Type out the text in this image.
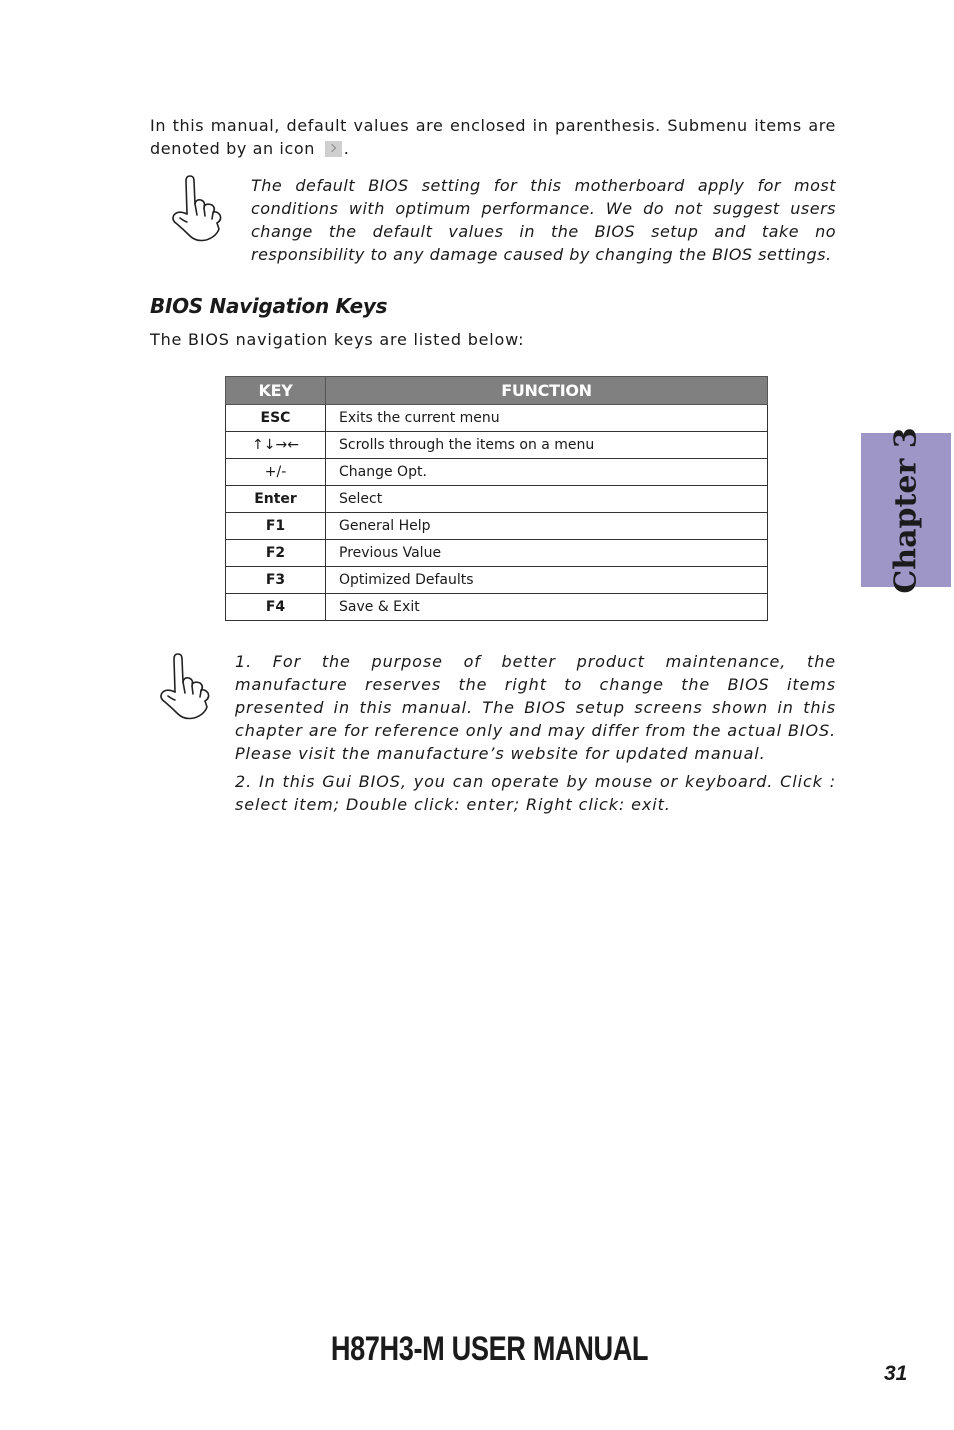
In this manual, default values are enclosed in parenthesis. Submenu items are denoted by an icon .

The default BIOS setting for this motherboard apply for most conditions with optimum performance. We do not suggest users change the default values in the BIOS setup and take no responsibility to any damage caused by changing the BIOS settings.

BIOS Navigation Keys

The BIOS navigation keys are listed below:

KEY	FUNCTION
ESC	Exits the current menu
↑↓→←	Scrolls through the items on a menu
+/-	Change Opt.
Enter	Select
F1	General Help
F2	Previous Value
F3	Optimized Defaults
F4	Save & Exit
Chapter 3

1. For the purpose of better product maintenance, the manufacture reserves the right to change the BIOS items presented in this manual. The BIOS setup screens shown in this chapter are for reference only and may differ from the actual BIOS. Please visit the manufacture’s website for updated manual.

2. In this Gui BIOS, you can operate by mouse or keyboard. Click : select item; Double click: enter; Right click: exit.

H87H3-M USER MANUAL
31
